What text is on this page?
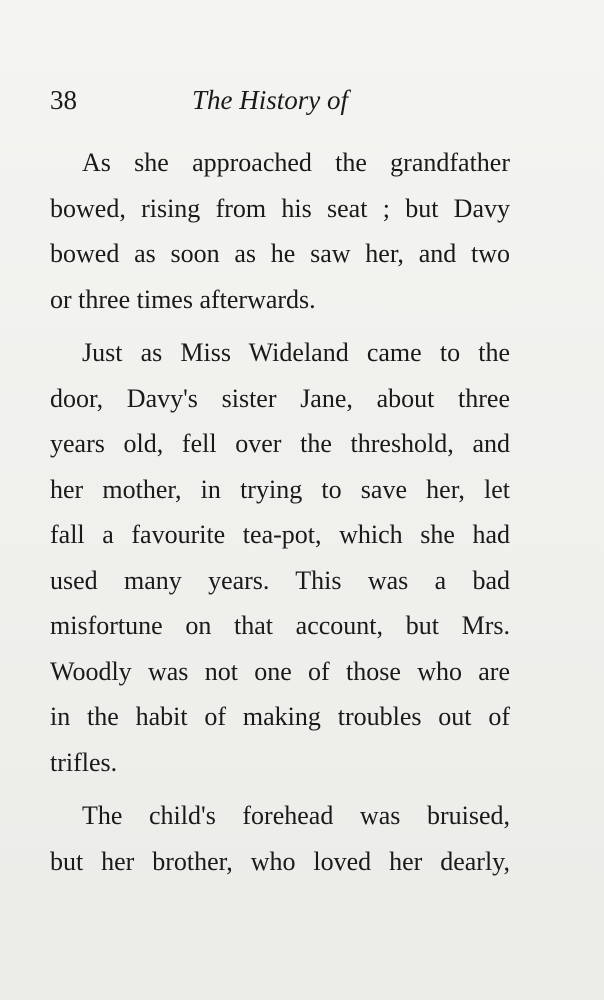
38	The History of
As she approached the grandfather
bowed, rising from his seat ; but Davy
bowed as soon as he saw her, and two
or three times afterwards.
Just as Miss Wideland came to the
door, Davy's sister Jane, about three
years old, fell over the threshold, and
her mother, in trying to save her, let
fall a favourite tea-pot, which she had
used many years. This was a bad
misfortune on that account, but Mrs.
Woodly was not one of those who are
in the habit of making troubles out of
trifles.
The child's forehead was bruised,
but her brother, who loved her dearly,
